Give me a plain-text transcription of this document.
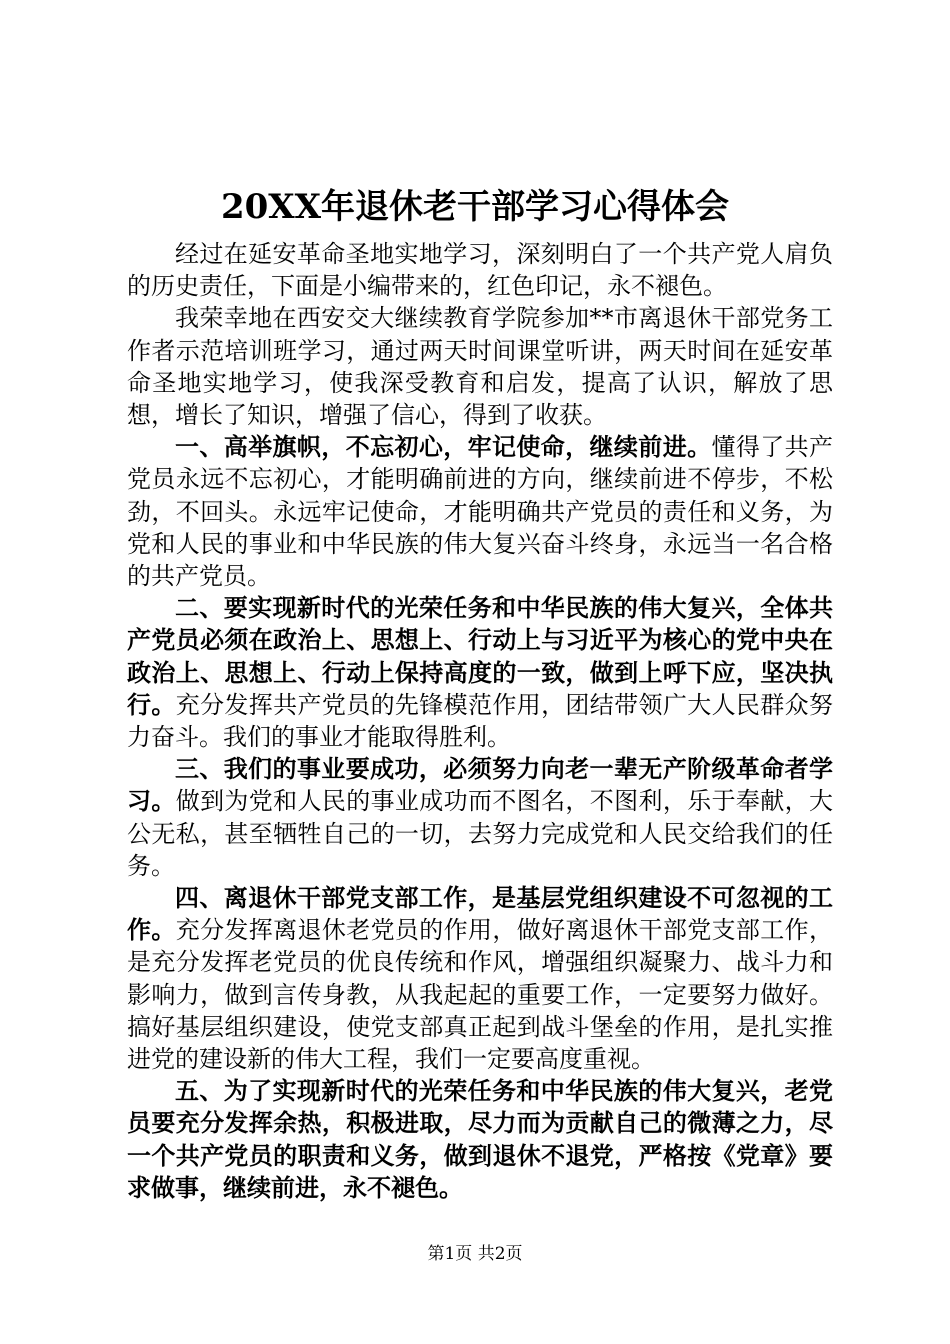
20XX年退休老干部学习心得体会

经过在延安革命圣地实地学习，深刻明白了一个共产党人肩负的历史责任，下面是小编带来的，红色印记，永不褪色。

我荣幸地在西安交大继续教育学院参加**市离退休干部党务工作者示范培训班学习，通过两天时间课堂听讲，两天时间在延安革命圣地实地学习，使我深受教育和启发，提高了认识，解放了思想，增长了知识，增强了信心，得到了收获。

一、高举旗帜，不忘初心，牢记使命，继续前进。懂得了共产党员永远不忘初心，才能明确前进的方向，继续前进不停步，不松劲，不回头。永远牢记使命，才能明确共产党员的责任和义务，为党和人民的事业和中华民族的伟大复兴奋斗终身，永远当一名合格的共产党员。

二、要实现新时代的光荣任务和中华民族的伟大复兴，全体共产党员必须在政治上、思想上、行动上与习近平为核心的党中央在政治上、思想上、行动上保持高度的一致，做到上呼下应，坚决执行。充分发挥共产党员的先锋模范作用，团结带领广大人民群众努力奋斗。我们的事业才能取得胜利。

三、我们的事业要成功，必须努力向老一辈无产阶级革命者学习。做到为党和人民的事业成功而不图名，不图利，乐于奉献，大公无私，甚至牺牲自己的一切，去努力完成党和人民交给我们的任务。

四、离退休干部党支部工作，是基层党组织建设不可忽视的工作。充分发挥离退休老党员的作用，做好离退休干部党支部工作，是充分发挥老党员的优良传统和作风，增强组织凝聚力、战斗力和影响力，做到言传身教，从我起起的重要工作，一定要努力做好。搞好基层组织建设，使党支部真正起到战斗堡垒的作用，是扎实推进党的建设新的伟大工程，我们一定要高度重视。

五、为了实现新时代的光荣任务和中华民族的伟大复兴，老党员要充分发挥余热，积极进取，尽力而为贡献自己的微薄之力，尽一个共产党员的职责和义务，做到退休不退党，严格按《党章》要求做事，继续前进，永不褪色。

第1页 共2页
